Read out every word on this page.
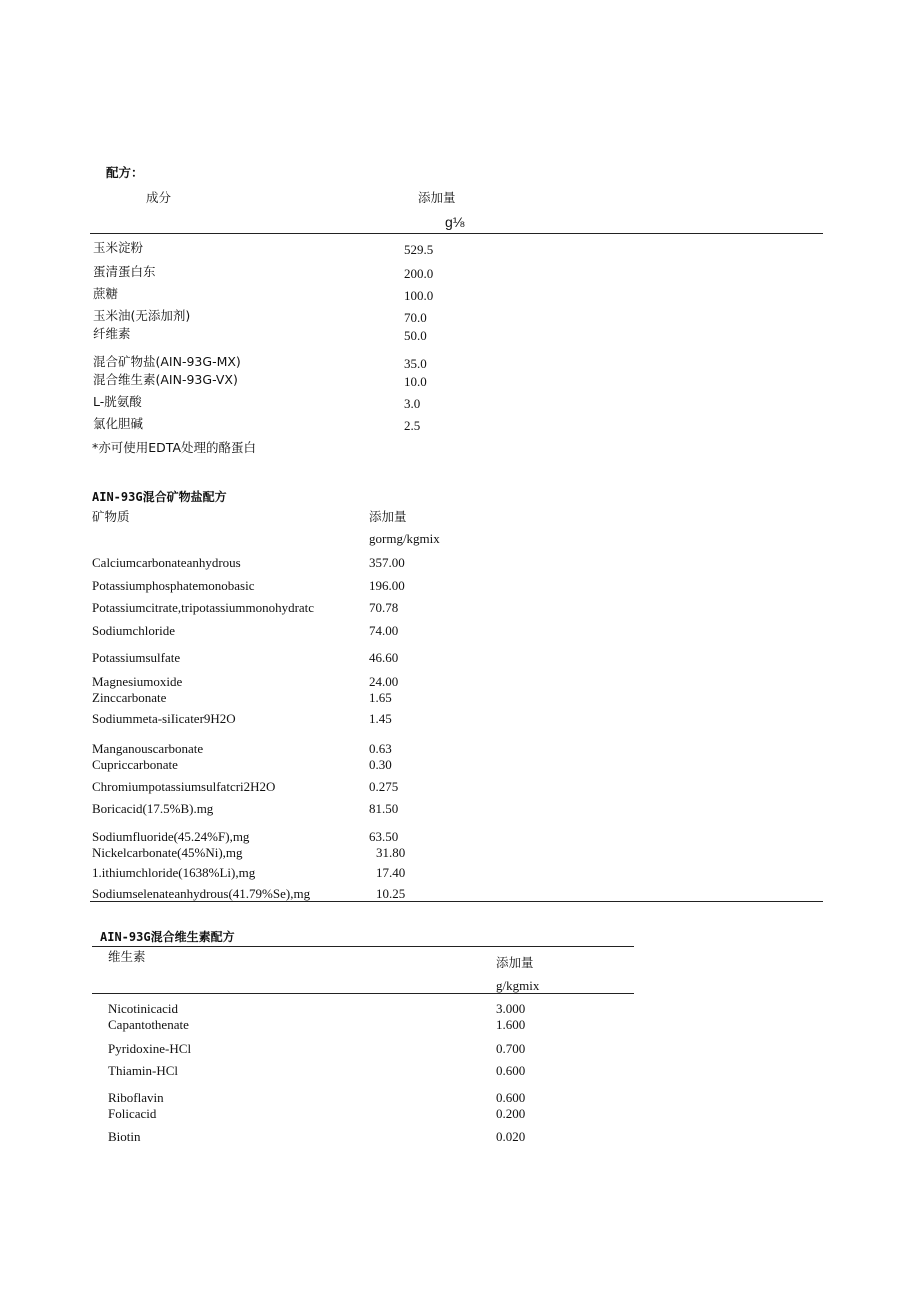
配方：
成分	添加量
g⅛
玉米淀粉	529.5
蛋清蛋白东	200.0
蔗糖	100.0
玉米油(无添加剂)	70.0
纤维素	50.0
混合矿物盐(AIN-93G-MX)	35.0
混合维生素(AIN-93G-VX)	10.0
L-胱氨酸	3.0
氯化胆碱	2.5
*亦可使用EDTA处理的酪蛋白
AIN-93G混合矿物盐配方
矿物质	添加量
gormg/kgmix
Calciumcarbonateanhydrous	357.00
Potassiumphosphatemonobasic	196.00
Potassiumcitrate,tripotassiummonohydratc	70.78
Sodiumchloride	74.00
Potassiumsulfate	46.60
Magnesiumoxide	24.00
Zinccarbonate	1.65
Sodiummeta-siIicater9H2O	1.45
Manganouscarbonate	0.63
Cupriccarbonate	0.30
Chromiumpotassiumsulfatcri2H2O	0.275
Boricacid(17.5%B).mg	81.50
Sodiumfluoride(45.24%F),mg	63.50
Nickelcarbonate(45%Ni),mg	31.80
1.ithiumchloride(1638%Li),mg	17.40
Sodiumselenateanhydrous(41.79%Se),mg	10.25
AIN-93G混合维生素配方
维生素	添加量
g/kgmix
Nicotinicacid	3.000
Capantothenate	1.600
Pyridoxine-HCl	0.700
Thiamin-HCl	0.600
Riboflavin	0.600
Folicacid	0.200
Biotin	0.020
